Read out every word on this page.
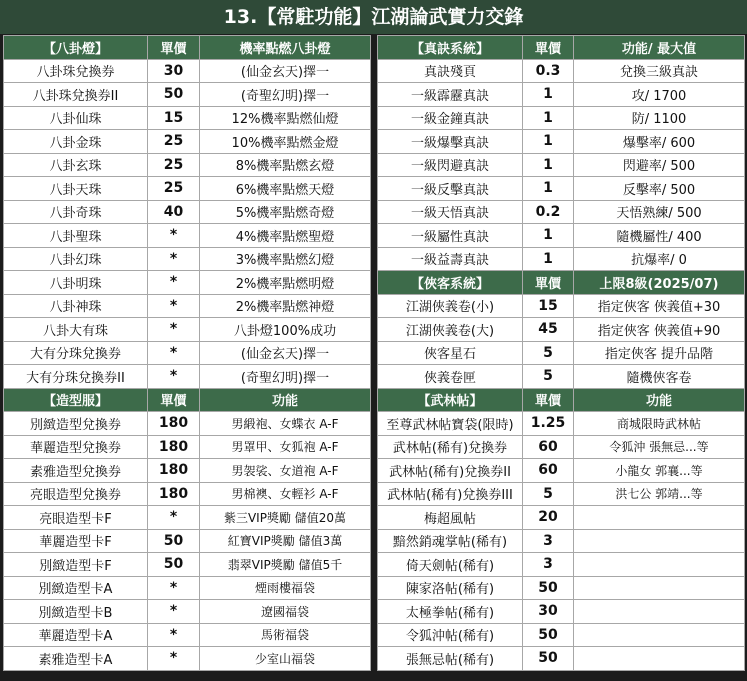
13.【常駐功能】江湖論武實力交鋒
【八卦燈】	單價	機率點燃八卦燈
八卦珠兌換券	30	(仙金玄天)擇一
八卦珠兌換券II	50	(奇聖幻明)擇一
八卦仙珠	15	12%機率點燃仙燈
八卦金珠	25	10%機率點燃金燈
八卦玄珠	25	8%機率點燃玄燈
八卦天珠	25	6%機率點燃天燈
八卦奇珠	40	5%機率點燃奇燈
八卦聖珠	*	4%機率點燃聖燈
八卦幻珠	*	3%機率點燃幻燈
八卦明珠	*	2%機率點燃明燈
八卦神珠	*	2%機率點燃神燈
八卦大有珠	*	八卦燈100%成功
大有分珠兌換券	*	(仙金玄天)擇一
大有分珠兌換券II	*	(奇聖幻明)擇一
【造型服】	單價	功能
別緻造型兌換券	180	男緞袍、女蝶衣 A-F
華麗造型兌換券	180	男罩甲、女狐袍 A-F
素雅造型兌換券	180	男袈裟、女道袍 A-F
亮眼造型兌換券	180	男棉襖、女輕衫 A-F
亮眼造型卡F	*	紫三VIP獎勵 儲值20萬
華麗造型卡F	50	紅寶VIP獎勵 儲值3萬
別緻造型卡F	50	翡翠VIP獎勵 儲值5千
別緻造型卡A	*	煙雨樓福袋
別緻造型卡B	*	遼國福袋
華麗造型卡A	*	馬術福袋
素雅造型卡A	*	少室山福袋
【真訣系統】	單價	功能/ 最大值
真訣殘頁	0.3	兌換三級真訣
一級霹靂真訣	1	攻/ 1700
一級金鐘真訣	1	防/ 1100
一級爆擊真訣	1	爆擊率/ 600
一級閃避真訣	1	閃避率/ 500
一級反擊真訣	1	反擊率/ 500
一級天悟真訣	0.2	天悟熟練/ 500
一級屬性真訣	1	隨機屬性/ 400
一級益壽真訣	1	抗爆率/ 0
【俠客系統】	單價	上限8級(2025/07)
江湖俠義卷(小)	15	指定俠客 俠義值+30
江湖俠義卷(大)	45	指定俠客 俠義值+90
俠客星石	5	指定俠客 提升品階
俠義卷匣	5	隨機俠客卷
【武林帖】	單價	功能
至尊武林帖寶袋(限時)	1.25	商城限時武林帖
武林帖(稀有)兌換券	60	令狐沖 張無忌...等
武林帖(稀有)兌換券II	60	小龍女 郭襄...等
武林帖(稀有)兌換券III	5	洪七公 郭靖...等
梅超風帖	20	
黯然銷魂掌帖(稀有)	3	
倚天劍帖(稀有)	3	
陳家洛帖(稀有)	50	
太極拳帖(稀有)	30	
令狐沖帖(稀有)	50	
張無忌帖(稀有)	50	
